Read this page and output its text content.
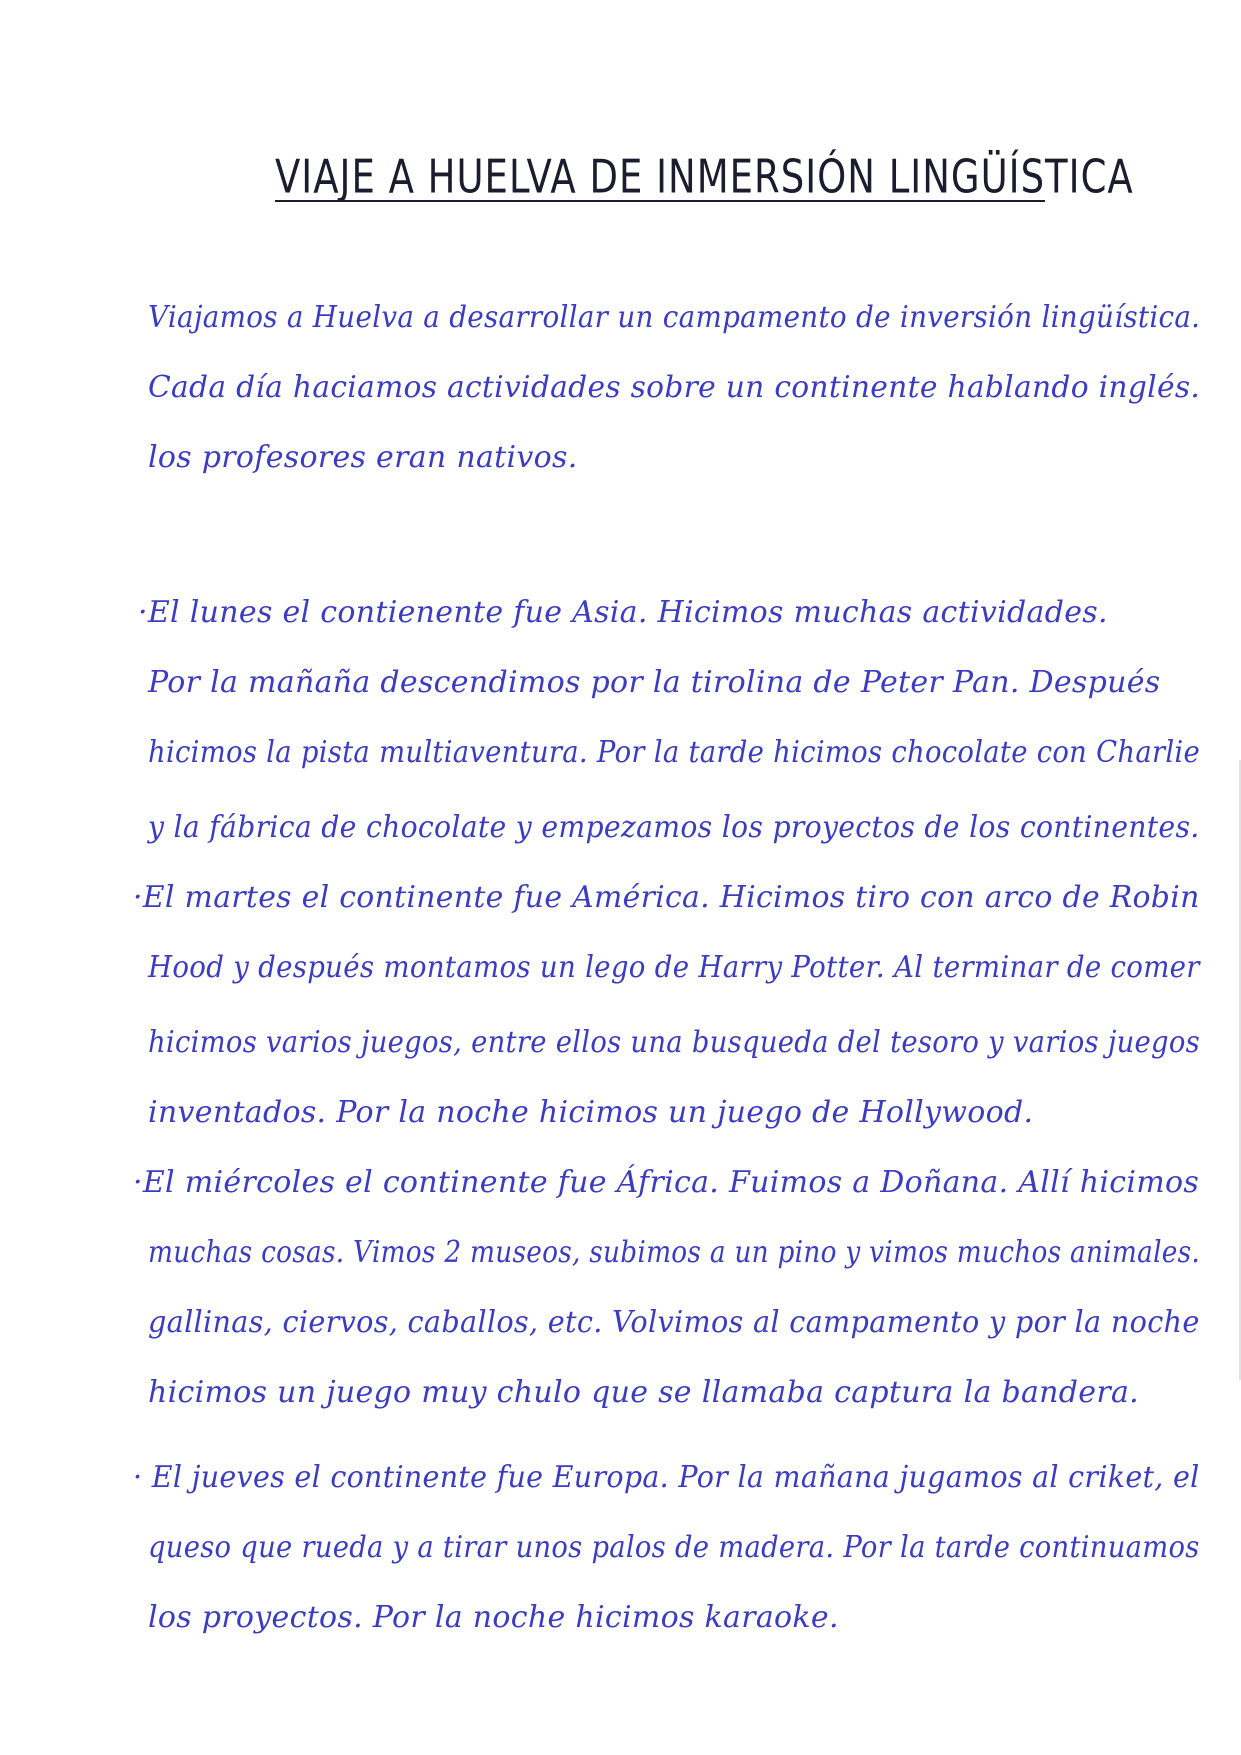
VIAJE A HUELVA DE INMERSIÓN LINGÜÍSTICA
Viajamos a Huelva a desarrollar un campamento de inversión lingüística.
Cada día haciamos actividades sobre un continente hablando inglés.
los profesores eran nativos.
·El lunes el contienente fue Asia. Hicimos muchas actividades.
Por la mañaña descendimos por la tirolina de Peter Pan. Después
hicimos la pista multiaventura. Por la tarde hicimos chocolate con Charlie
y la fábrica de chocolate y empezamos los proyectos de los continentes.
·El martes el continente fue América. Hicimos tiro con arco de Robin
Hood y después montamos un lego de Harry Potter. Al terminar de comer
hicimos varios juegos, entre ellos una busqueda del tesoro y varios juegos
inventados. Por la noche hicimos un juego de Hollywood.
·El miércoles el continente fue África. Fuimos a Doñana. Allí hicimos
muchas cosas. Vimos 2 museos, subimos a un pino y vimos muchos animales.
gallinas, ciervos, caballos, etc. Volvimos al campamento y por la noche
hicimos un juego muy chulo que se llamaba captura la bandera.
· El jueves el continente fue Europa. Por la mañana jugamos al criket, el
queso que rueda y a tirar unos palos de madera. Por la tarde continuamos
los proyectos. Por la noche hicimos karaoke.
